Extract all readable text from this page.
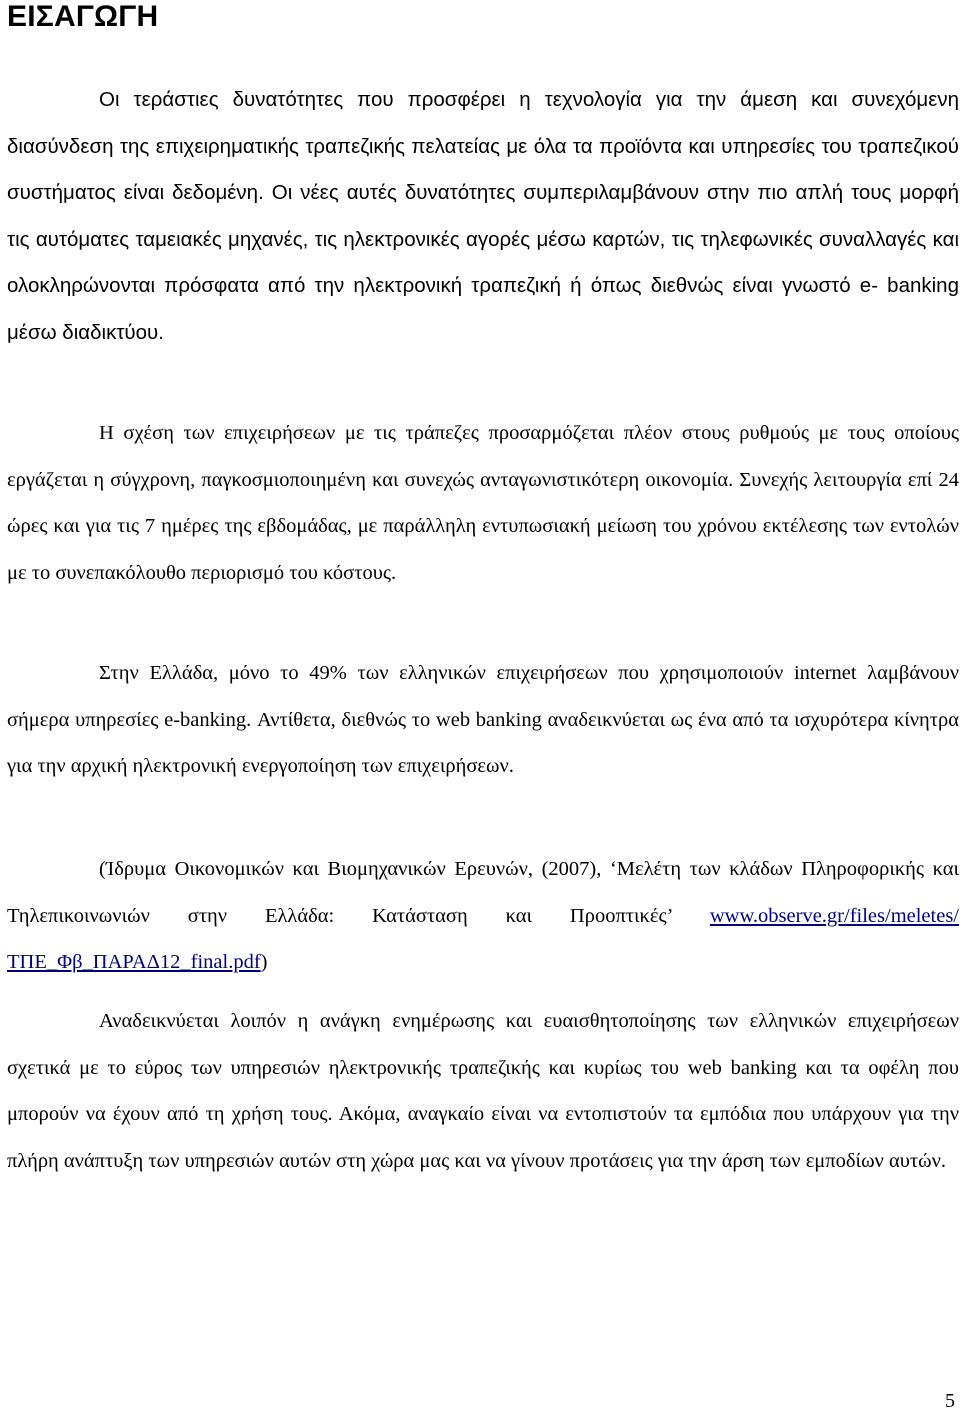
ΕΙΣΑΓΩΓΗ

Οι τεράστιες δυνατότητες που προσφέρει η τεχνολογία για την άμεση και συνεχόμενη διασύνδεση της επιχειρηματικής τραπεζικής πελατείας με όλα τα προϊόντα και υπηρεσίες του τραπεζικού συστήματος είναι δεδομένη. Οι νέες αυτές δυνατότητες συμπεριλαμβάνουν στην πιο απλή τους μορφή τις αυτόματες ταμειακές μηχανές, τις ηλεκτρονικές αγορές μέσω καρτών, τις τηλεφωνικές συναλλαγές και ολοκληρώνονται πρόσφατα από την ηλεκτρονική τραπεζική ή όπως διεθνώς είναι γνωστό e- banking μέσω διαδικτύου.

Η σχέση των επιχειρήσεων με τις τράπεζες προσαρμόζεται πλέον στους ρυθμούς με τους οποίους εργάζεται η σύγχρονη, παγκοσμιοποιημένη και συνεχώς ανταγωνιστικότερη οικονομία. Συνεχής λειτουργία επί 24 ώρες και για τις 7 ημέρες της εβδομάδας, με παράλληλη εντυπωσιακή μείωση του χρόνου εκτέλεσης των εντολών με το συνεπακόλουθο περιορισμό του κόστους.

Στην Ελλάδα, μόνο το 49% των ελληνικών επιχειρήσεων που χρησιμοποιούν internet λαμβάνουν σήμερα υπηρεσίες e-banking. Αντίθετα, διεθνώς το web banking αναδεικνύεται ως ένα από τα ισχυρότερα κίνητρα για την αρχική ηλεκτρονική ενεργοποίηση των επιχειρήσεων.

(Ίδρυμα Οικονομικών και Βιομηχανικών Ερευνών, (2007), ‘Μελέτη των κλάδων Πληροφορικής και Τηλεπικοινωνιών στην Ελλάδα: Κατάσταση και Προοπτικές’ www.observe.gr/files/meletes/ΤΠΕ_Φβ_ΠΑΡΑΔ12_final.pdf)

Αναδεικνύεται λοιπόν η ανάγκη ενημέρωσης και ευαισθητοποίησης των ελληνικών επιχειρήσεων σχετικά με το εύρος των υπηρεσιών ηλεκτρονικής τραπεζικής και κυρίως του web banking και τα οφέλη που μπορούν να έχουν από τη χρήση τους. Ακόμα, αναγκαίο είναι να εντοπιστούν τα εμπόδια που υπάρχουν για την πλήρη ανάπτυξη των υπηρεσιών αυτών στη χώρα μας και να γίνουν προτάσεις για την άρση των εμποδίων αυτών.

5
